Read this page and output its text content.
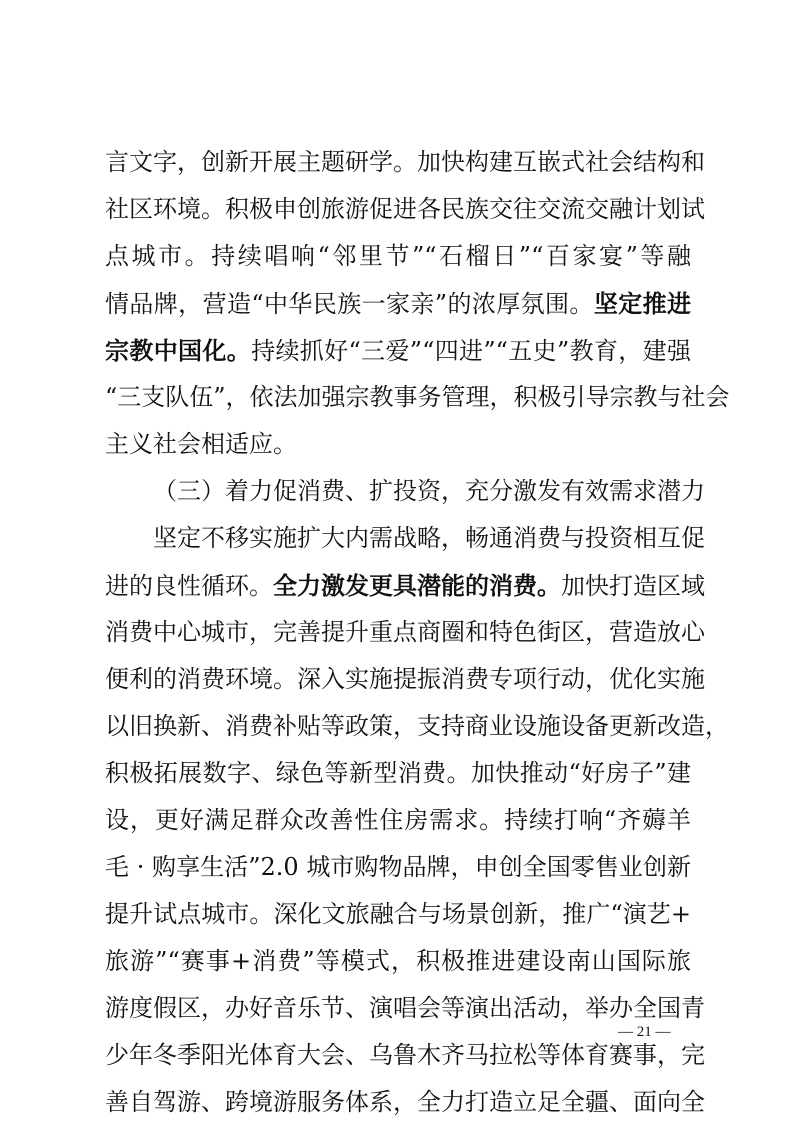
言文字，创新开展主题研学。加快构建互嵌式社会结构和
社区环境。积极申创旅游促进各民族交往交流交融计划试
点城市。持续唱响“邻里节”“石榴日”“百家宴”等融
情品牌，营造“中华民族一家亲”的浓厚氛围。坚定推进
宗教中国化。持续抓好“三爱”“四进”“五史”教育，建强
“三支队伍”，依法加强宗教事务管理，积极引导宗教与社会
主义社会相适应。
（三）着力促消费、扩投资，充分激发有效需求潜力
坚定不移实施扩大内需战略，畅通消费与投资相互促
进的良性循环。全力激发更具潜能的消费。加快打造区域
消费中心城市，完善提升重点商圈和特色街区，营造放心
便利的消费环境。深入实施提振消费专项行动，优化实施
以旧换新、消费补贴等政策，支持商业设施设备更新改造，
积极拓展数字、绿色等新型消费。加快推动“好房子”建
设，更好满足群众改善性住房需求。持续打响“齐薅羊
毛 · 购享生活”2.0 城市购物品牌，申创全国零售业创新
提升试点城市。深化文旅融合与场景创新，推广“演艺+
旅游”“赛事+消费”等模式，积极推进建设南山国际旅
游度假区，办好音乐节、演唱会等演出活动，举办全国青
少年冬季阳光体育大会、乌鲁木齐马拉松等体育赛事，完
善自驾游、跨境游服务体系，全力打造立足全疆、面向全
— 21 —
